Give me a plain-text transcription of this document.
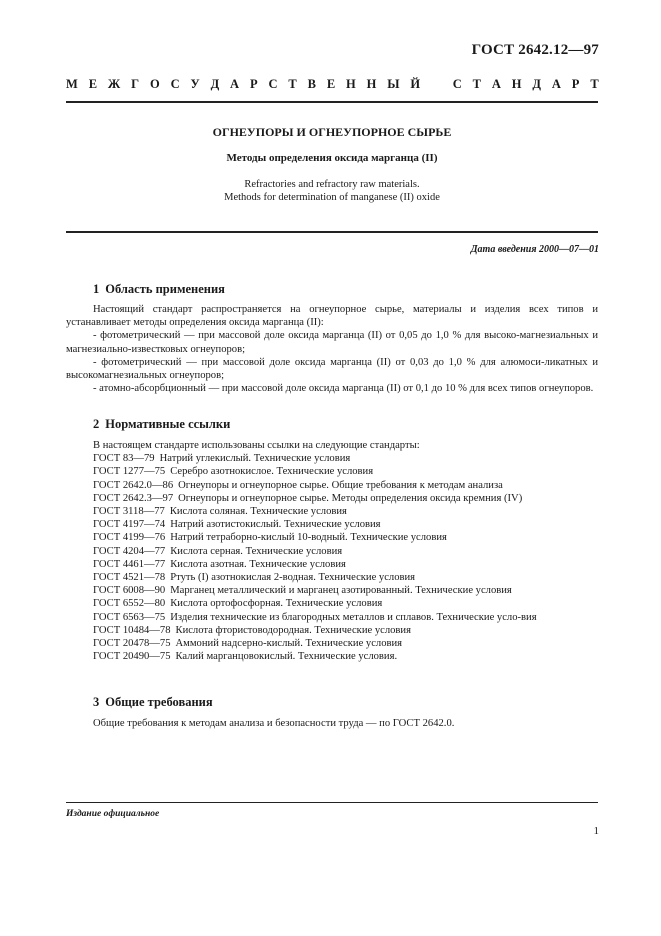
ГОСТ 2642.12—97
М Е Ж Г О С У Д А Р С Т В Е Н Н Ы Й	С Т А Н Д А Р Т
ОГНЕУПОРЫ И ОГНЕУПОРНОЕ СЫРЬЕ
Методы определения оксида марганца (II)
Refractories and refractory raw materials.
Methods for determination of manganese (II) oxide
Дата введения 2000—07—01
1 Область применения

Настоящий стандарт распространяется на огнеупорное сырье, материалы и изделия всех типов и устанавливает методы определения оксида марганца (II):

- фотометрический — при массовой доле оксида марганца (II) от 0,05 до 1,0 % для высоко-магнезиальных и магнезиально-известковых огнеупоров;

- фотометрический — при массовой доле оксида марганца (II) от 0,03 до 1,0 % для алюмоси-ликатных и высокомагнезиальных огнеупоров;

- атомно-абсорбционный — при массовой доле оксида марганца (II) от 0,1 до 10 % для всех типов огнеупоров.

2 Нормативные ссылки

В настоящем стандарте использованы ссылки на следующие стандарты:

ГОСТ 83—79 Натрий углекислый. Технические условия

ГОСТ 1277—75 Серебро азотнокислое. Технические условия

ГОСТ 2642.0—86 Огнеупоры и огнеупорное сырье. Общие требования к методам анализа

ГОСТ 2642.3—97 Огнеупоры и огнеупорное сырье. Методы определения оксида кремния (IV)

ГОСТ 3118—77 Кислота соляная. Технические условия

ГОСТ 4197—74 Натрий азотистокислый. Технические условия

ГОСТ 4199—76 Натрий тетраборно-кислый 10-водный. Технические условия

ГОСТ 4204—77 Кислота серная. Технические условия

ГОСТ 4461—77 Кислота азотная. Технические условия

ГОСТ 4521—78 Ртуть (I) азотнокислая 2-водная. Технические условия

ГОСТ 6008—90 Марганец металлический и марганец азотированный. Технические условия

ГОСТ 6552—80 Кислота ортофосфорная. Технические условия

ГОСТ 6563—75 Изделия технические из благородных металлов и сплавов. Технические усло-вия

ГОСТ 10484—78 Кислота фтористоводородная. Технические условия

ГОСТ 20478—75 Аммоний надсерно-кислый. Технические условия

ГОСТ 20490—75 Калий марганцовокислый. Технические условия.

3 Общие требования

Общие требования к методам анализа и безопасности труда — по ГОСТ 2642.0.

Издание официальное
1
